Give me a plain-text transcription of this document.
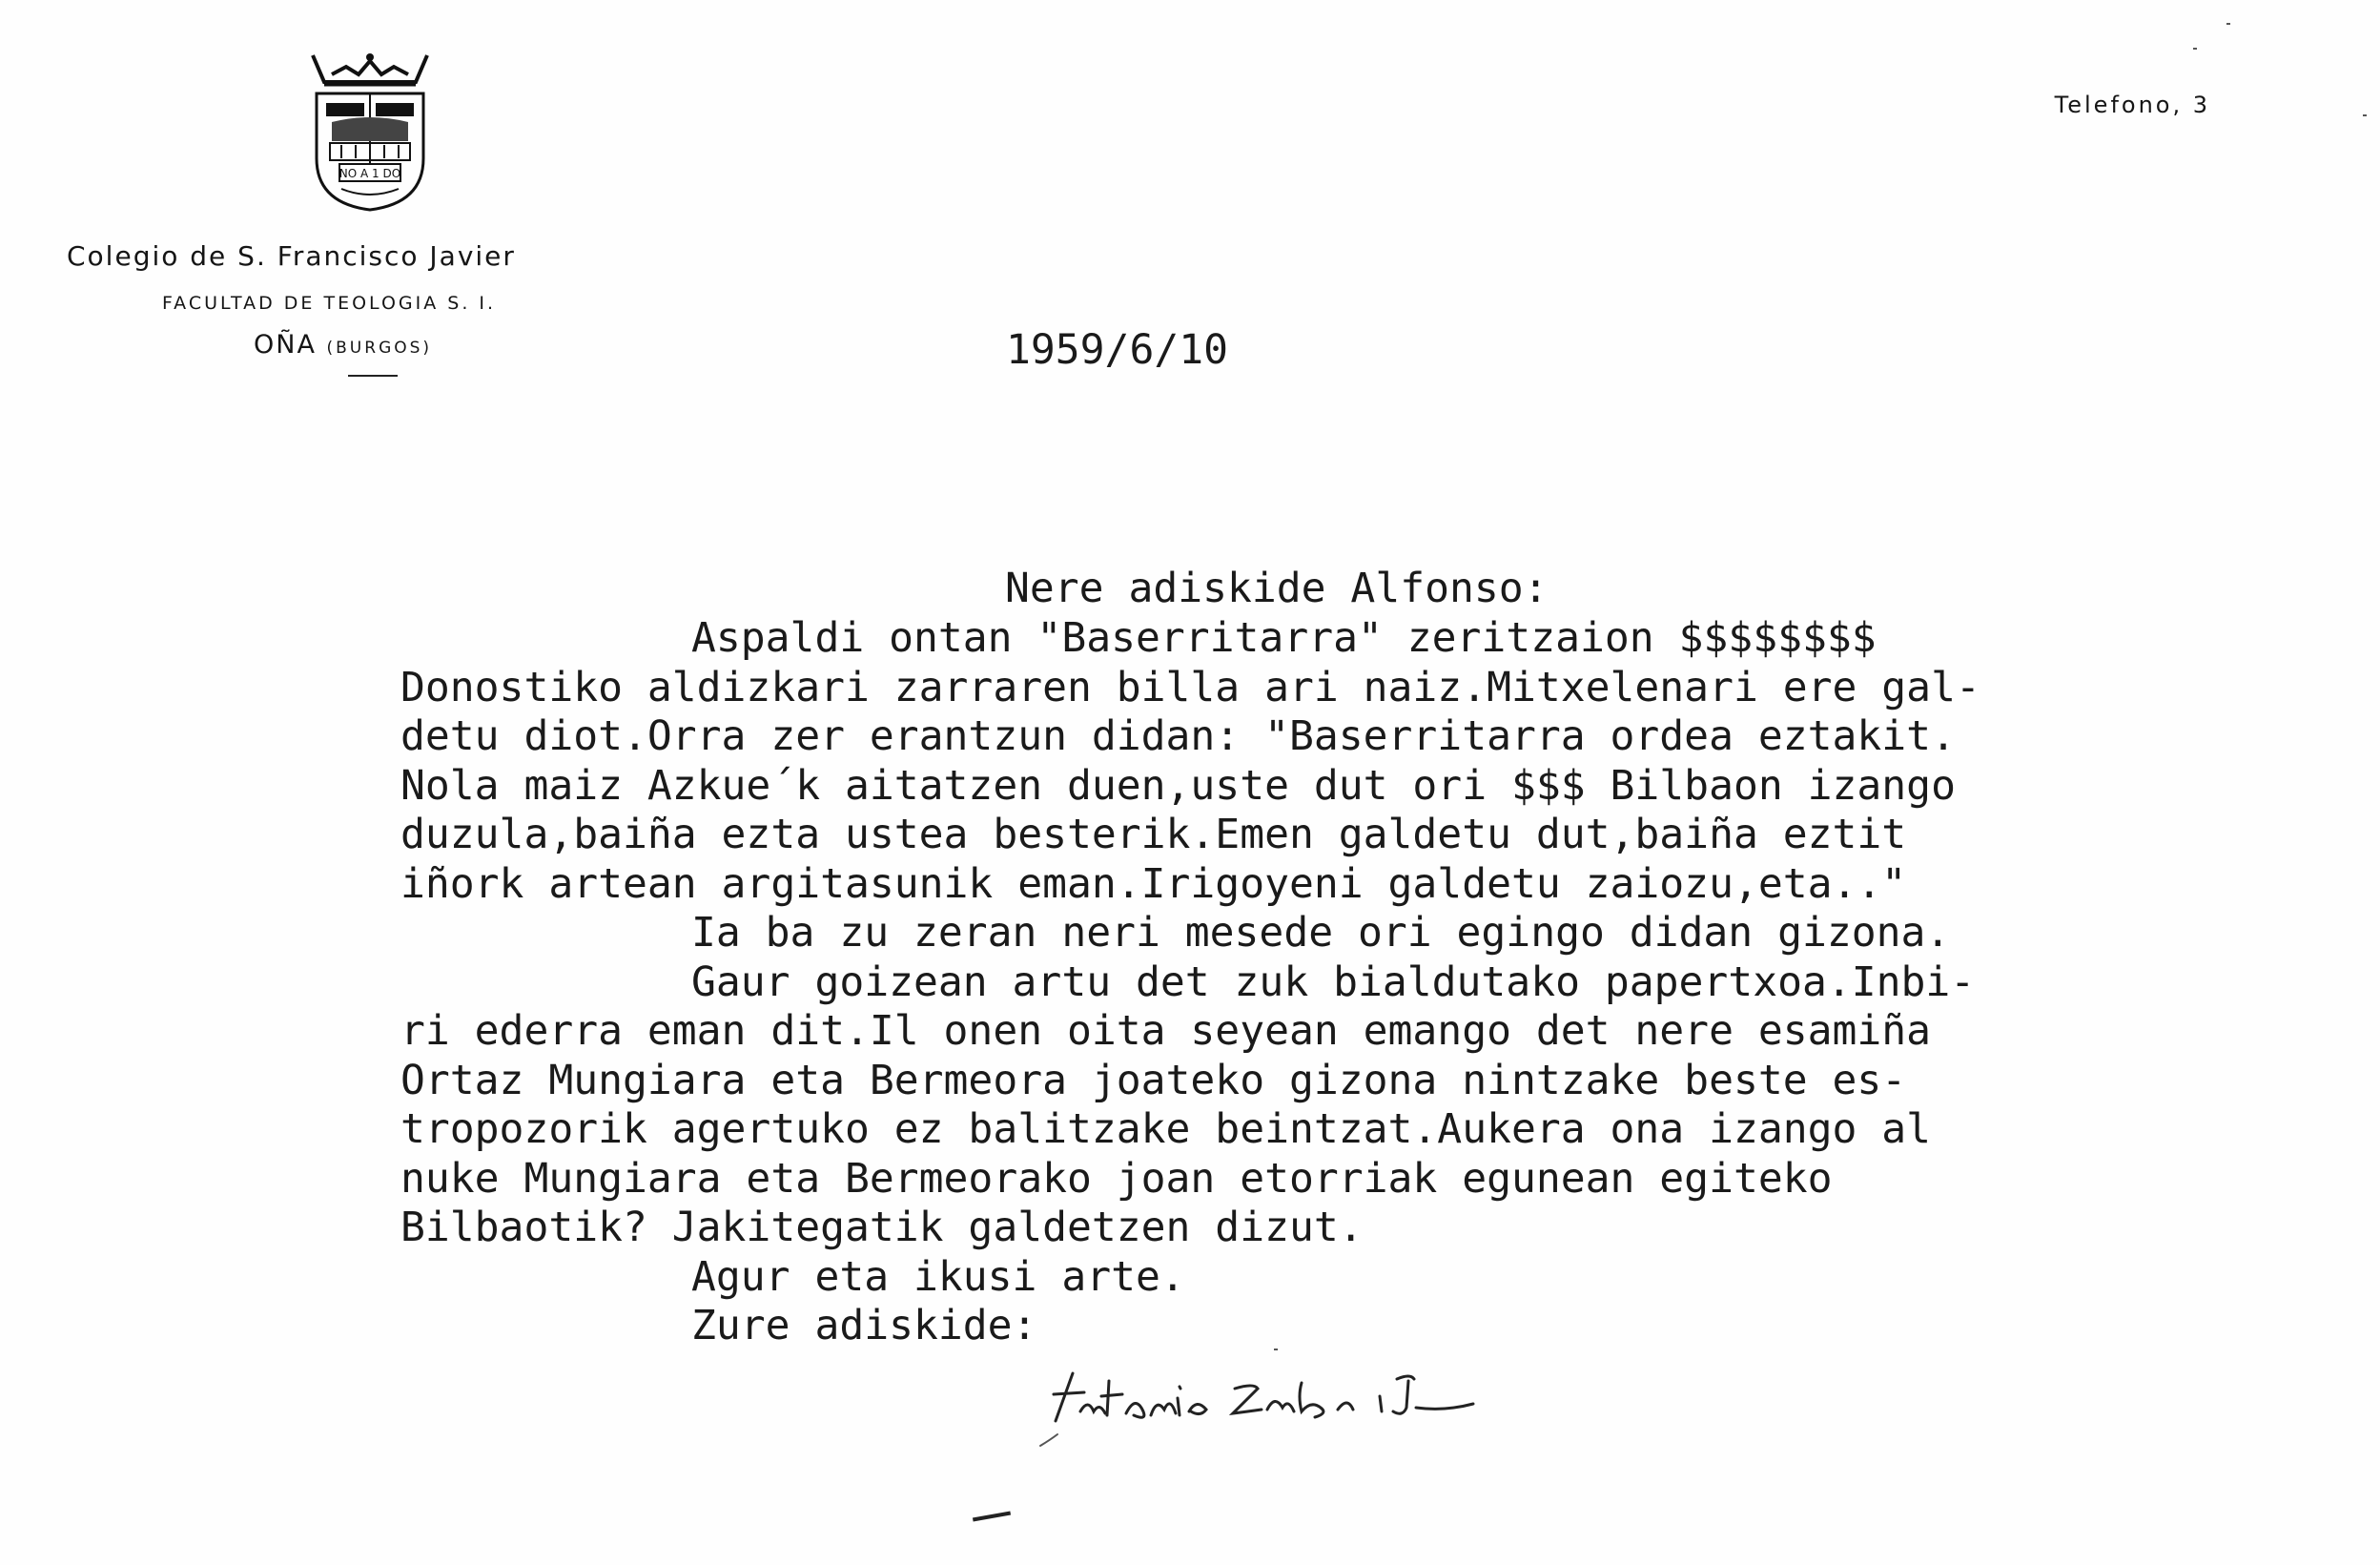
NO A 1 DO
Colegio de S. Francisco Javier
FACULTAD DE TEOLOGIA S. I.
OÑA (BURGOS)
Telefono, 3
1959/6/10
Nere adiskide Alfonso:
Aspaldi ontan "Baserritarra" zeritzaion $$$$$$$$
Donostiko aldizkari zarraren billa ari naiz.Mitxelenari ere gal-
detu diot.Orra zer erantzun didan: "Baserritarra ordea eztakit.
Nola maiz Azkue´k aitatzen duen,uste dut ori $$$ Bilbaon izango
duzula,baiña ezta ustea besterik.Emen galdetu dut,baiña eztit
iñork artean argitasunik eman.Irigoyeni galdetu zaiozu,eta.."
Ia ba zu zeran neri mesede ori egingo didan gizona.
Gaur goizean artu det zuk bialdutako papertxoa.Inbi-
ri ederra eman dit.Il onen oita seyean emango det nere esamiña
Ortaz Mungiara eta Bermeora joateko gizona nintzake beste es-
tropozorik agertuko ez balitzake beintzat.Aukera ona izango al
nuke Mungiara eta Bermeorako joan etorriak egunean egiteko
Bilbaotik? Jakitegatik galdetzen dizut.
Agur eta ikusi arte.
Zure adiskide:
